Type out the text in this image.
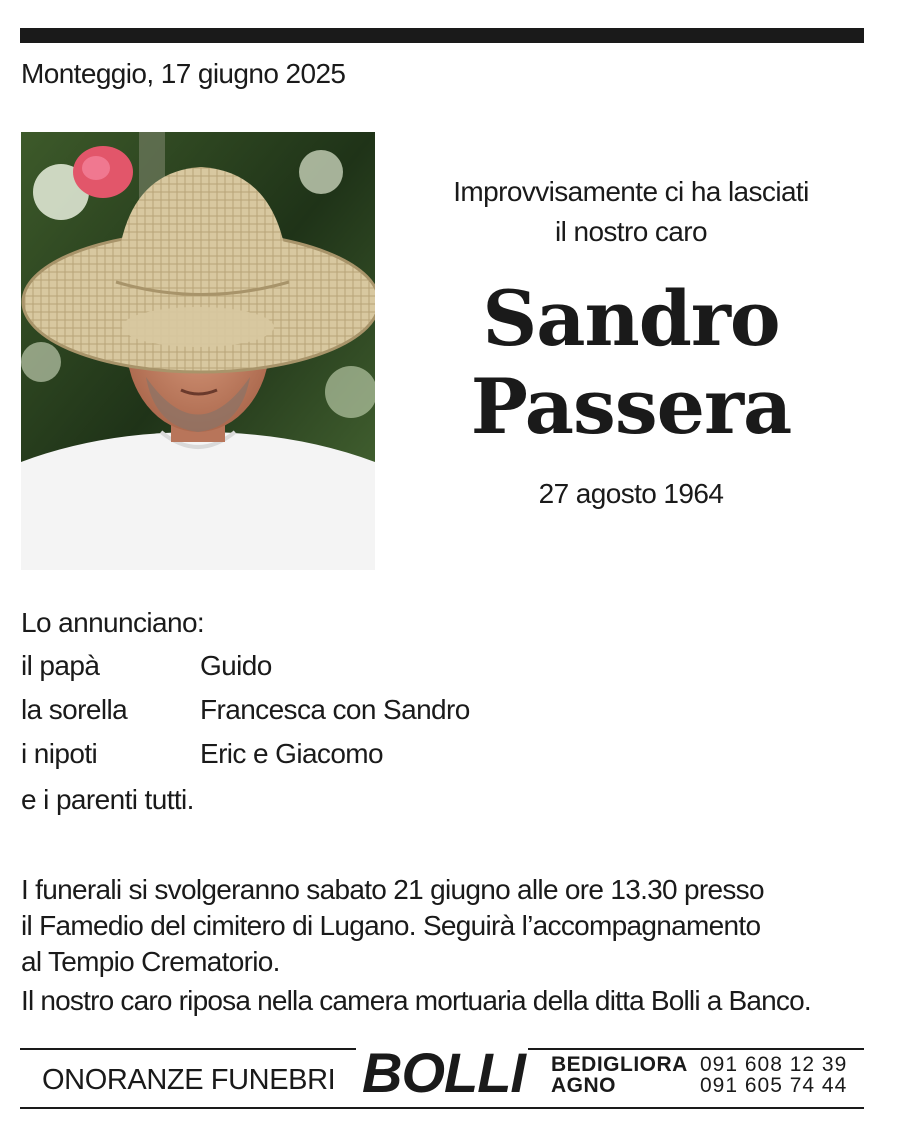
Monteggio, 17 giugno 2025
Improvvisamente ci ha lasciati
il nostro caro
Sandro
Passera
27 agosto 1964
Lo annunciano:
il papà	Guido
la sorella	Francesca con Sandro
i nipoti	Eric e Giacomo
e i parenti tutti.

I funerali si svolgeranno sabato 21 giugno alle ore 13.30 presso

il Famedio del cimitero di Lugano. Seguirà l’accompagnamento

al Tempio Crematorio.

Il nostro caro riposa nella camera mortuaria della ditta Bolli a Banco.
ONORANZE FUNEBRI BOLLI BEDIGLIORA 091 608 12 39
AGNO	091 605 74 44
